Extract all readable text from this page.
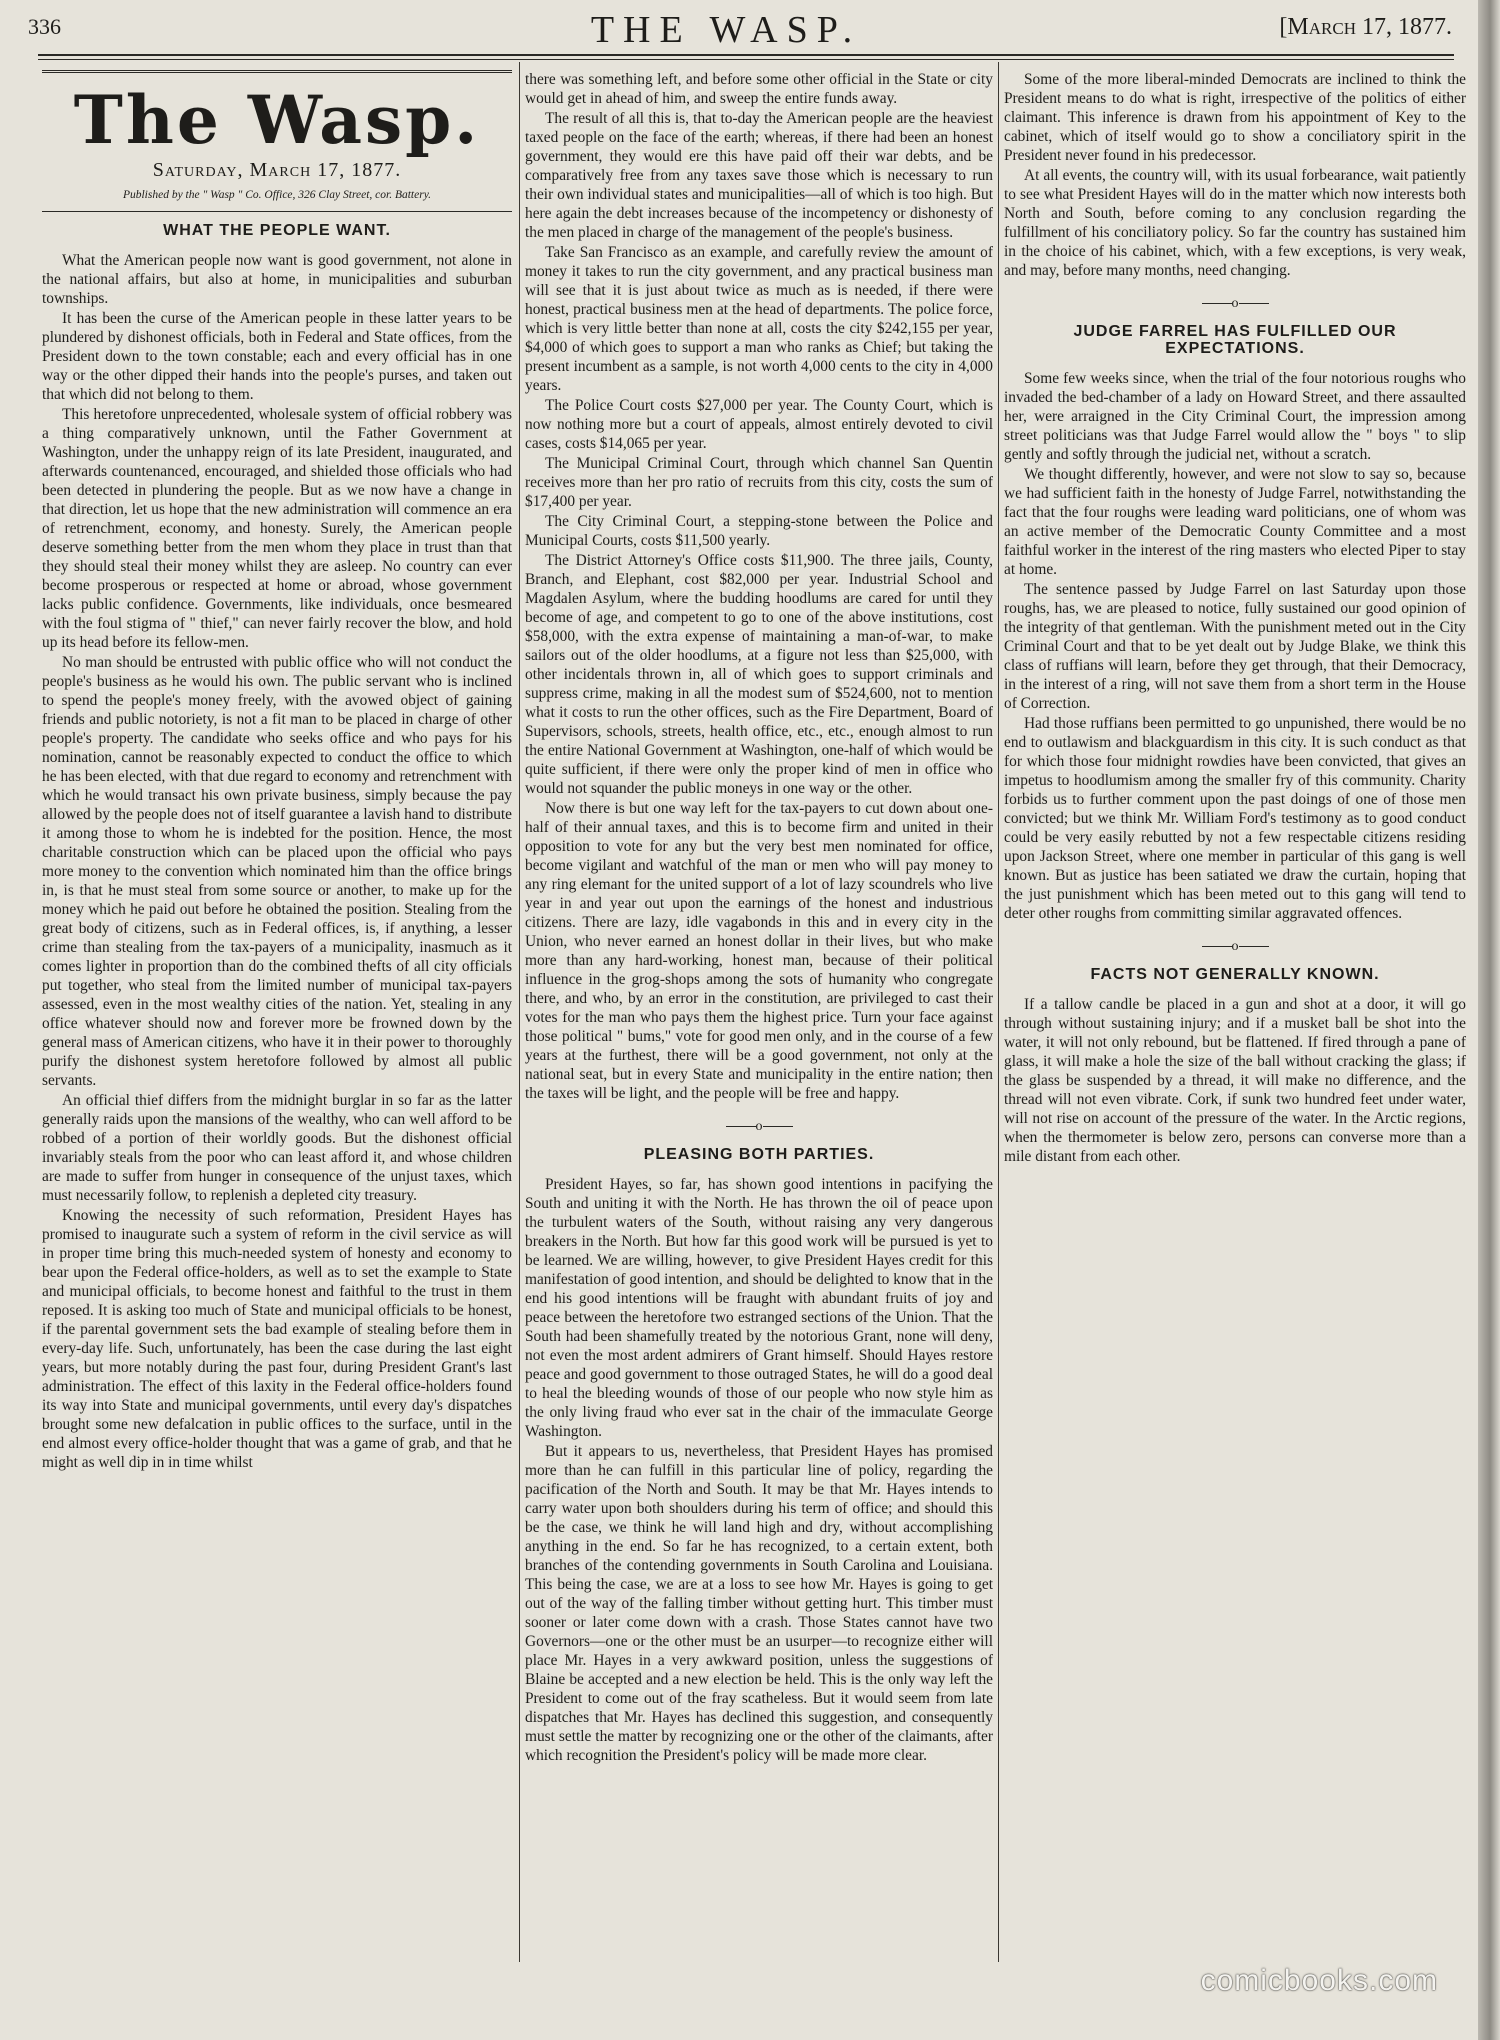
336	THE WASP.	[March 17, 1877.
The Wasp.
Saturday, March 17, 1877.
Published by the " Wasp " Co. Office, 326 Clay Street, cor. Battery.
WHAT THE PEOPLE WANT.

What the American people now want is good government, not alone in the national affairs, but also at home, in municipalities and suburban townships.

It has been the curse of the American people in these latter years to be plundered by dishonest officials, both in Federal and State offices, from the President down to the town constable; each and every official has in one way or the other dipped their hands into the people's purses, and taken out that which did not belong to them.

This heretofore unprecedented, wholesale system of official robbery was a thing comparatively unknown, until the Father Government at Washington, under the unhappy reign of its late President, inaugurated, and afterwards countenanced, encouraged, and shielded those officials who had been detected in plundering the people. But as we now have a change in that direction, let us hope that the new administration will commence an era of retrenchment, economy, and honesty. Surely, the American people deserve something better from the men whom they place in trust than that they should steal their money whilst they are asleep. No country can ever become prosperous or respected at home or abroad, whose government lacks public confidence. Governments, like individuals, once besmeared with the foul stigma of " thief," can never fairly recover the blow, and hold up its head before its fellow-men.

No man should be entrusted with public office who will not conduct the people's business as he would his own. The public servant who is inclined to spend the people's money freely, with the avowed object of gaining friends and public notoriety, is not a fit man to be placed in charge of other people's property. The candidate who seeks office and who pays for his nomination, cannot be reasonably expected to conduct the office to which he has been elected, with that due regard to economy and retrenchment with which he would transact his own private business, simply because the pay allowed by the people does not of itself guarantee a lavish hand to distribute it among those to whom he is indebted for the position. Hence, the most charitable construction which can be placed upon the official who pays more money to the convention which nominated him than the office brings in, is that he must steal from some source or another, to make up for the money which he paid out before he obtained the position. Stealing from the great body of citizens, such as in Federal offices, is, if anything, a lesser crime than stealing from the tax-payers of a municipality, inasmuch as it comes lighter in proportion than do the combined thefts of all city officials put together, who steal from the limited number of municipal tax-payers assessed, even in the most wealthy cities of the nation. Yet, stealing in any office whatever should now and forever more be frowned down by the general mass of American citizens, who have it in their power to thoroughly purify the dishonest system heretofore followed by almost all public servants.

An official thief differs from the midnight burglar in so far as the latter generally raids upon the mansions of the wealthy, who can well afford to be robbed of a portion of their worldly goods. But the dishonest official invariably steals from the poor who can least afford it, and whose children are made to suffer from hunger in consequence of the unjust taxes, which must necessarily follow, to replenish a depleted city treasury.

Knowing the necessity of such reformation, President Hayes has promised to inaugurate such a system of reform in the civil service as will in proper time bring this much-needed system of honesty and economy to bear upon the Federal office-holders, as well as to set the example to State and municipal officials, to become honest and faithful to the trust in them reposed. It is asking too much of State and municipal officials to be honest, if the parental government sets the bad example of stealing before them in every-day life. Such, unfortunately, has been the case during the last eight years, but more notably during the past four, during President Grant's last administration. The effect of this laxity in the Federal office-holders found its way into State and municipal governments, until every day's dispatches brought some new defalcation in public offices to the surface, until in the end almost every office-holder thought that was a game of grab, and that he might as well dip in in time whilst

there was something left, and before some other official in the State or city would get in ahead of him, and sweep the entire funds away.

The result of all this is, that to-day the American people are the heaviest taxed people on the face of the earth; whereas, if there had been an honest government, they would ere this have paid off their war debts, and be comparatively free from any taxes save those which is necessary to run their own individual states and municipalities—all of which is too high. But here again the debt increases because of the incompetency or dishonesty of the men placed in charge of the management of the people's business.

Take San Francisco as an example, and carefully review the amount of money it takes to run the city government, and any practical business man will see that it is just about twice as much as is needed, if there were honest, practical business men at the head of departments. The police force, which is very little better than none at all, costs the city $242,155 per year, $4,000 of which goes to support a man who ranks as Chief; but taking the present incumbent as a sample, is not worth 4,000 cents to the city in 4,000 years.

The Police Court costs $27,000 per year. The County Court, which is now nothing more but a court of appeals, almost entirely devoted to civil cases, costs $14,065 per year.

The Municipal Criminal Court, through which channel San Quentin receives more than her pro ratio of recruits from this city, costs the sum of $17,400 per year.

The City Criminal Court, a stepping-stone between the Police and Municipal Courts, costs $11,500 yearly.

The District Attorney's Office costs $11,900. The three jails, County, Branch, and Elephant, cost $82,000 per year. Industrial School and Magdalen Asylum, where the budding hoodlums are cared for until they become of age, and competent to go to one of the above institutions, cost $58,000, with the extra expense of maintaining a man-of-war, to make sailors out of the older hoodlums, at a figure not less than $25,000, with other incidentals thrown in, all of which goes to support criminals and suppress crime, making in all the modest sum of $524,600, not to mention what it costs to run the other offices, such as the Fire Department, Board of Supervisors, schools, streets, health office, etc., etc., enough almost to run the entire National Government at Washington, one-half of which would be quite sufficient, if there were only the proper kind of men in office who would not squander the public moneys in one way or the other.

Now there is but one way left for the tax-payers to cut down about one-half of their annual taxes, and this is to become firm and united in their opposition to vote for any but the very best men nominated for office, become vigilant and watchful of the man or men who will pay money to any ring elemant for the united support of a lot of lazy scoundrels who live year in and year out upon the earnings of the honest and industrious citizens. There are lazy, idle vagabonds in this and in every city in the Union, who never earned an honest dollar in their lives, but who make more than any hard-working, honest man, because of their political influence in the grog-shops among the sots of humanity who congregate there, and who, by an error in the constitution, are privileged to cast their votes for the man who pays them the highest price. Turn your face against those political " bums," vote for good men only, and in the course of a few years at the furthest, there will be a good government, not only at the national seat, but in every State and municipality in the entire nation; then the taxes will be light, and the people will be free and happy.

o
PLEASING BOTH PARTIES.

President Hayes, so far, has shown good intentions in pacifying the South and uniting it with the North. He has thrown the oil of peace upon the turbulent waters of the South, without raising any very dangerous breakers in the North. But how far this good work will be pursued is yet to be learned. We are willing, however, to give President Hayes credit for this manifestation of good intention, and should be delighted to know that in the end his good intentions will be fraught with abundant fruits of joy and peace between the heretofore two estranged sections of the Union. That the South had been shamefully treated by the notorious Grant, none will deny, not even the most ardent admirers of Grant himself. Should Hayes restore peace and good government to those outraged States, he will do a good deal to heal the bleeding wounds of those of our people who now style him as the only living fraud who ever sat in the chair of the immaculate George Washington.

But it appears to us, nevertheless, that President Hayes has promised more than he can fulfill in this particular line of policy, regarding the pacification of the North and South. It may be that Mr. Hayes intends to carry water upon both shoulders during his term of office; and should this be the case, we think he will land high and dry, without accomplishing anything in the end. So far he has recognized, to a certain extent, both branches of the contending governments in South Carolina and Louisiana. This being the case, we are at a loss to see how Mr. Hayes is going to get out of the way of the falling timber without getting hurt. This timber must sooner or later come down with a crash. Those States cannot have two Governors—one or the other must be an usurper—to recognize either will place Mr. Hayes in a very awkward position, unless the suggestions of Blaine be accepted and a new election be held. This is the only way left the President to come out of the fray scatheless. But it would seem from late dispatches that Mr. Hayes has declined this suggestion, and consequently must settle the matter by recognizing one or the other of the claimants, after which recognition the President's policy will be made more clear.

Some of the more liberal-minded Democrats are inclined to think the President means to do what is right, irrespective of the politics of either claimant. This inference is drawn from his appointment of Key to the cabinet, which of itself would go to show a conciliatory spirit in the President never found in his predecessor.

At all events, the country will, with its usual forbearance, wait patiently to see what President Hayes will do in the matter which now interests both North and South, before coming to any conclusion regarding the fulfillment of his conciliatory policy. So far the country has sustained him in the choice of his cabinet, which, with a few exceptions, is very weak, and may, before many months, need changing.

o
JUDGE FARREL HAS FULFILLED OUR EXPECTATIONS.

Some few weeks since, when the trial of the four notorious roughs who invaded the bed-chamber of a lady on Howard Street, and there assaulted her, were arraigned in the City Criminal Court, the impression among street politicians was that Judge Farrel would allow the " boys " to slip gently and softly through the judicial net, without a scratch.

We thought differently, however, and were not slow to say so, because we had sufficient faith in the honesty of Judge Farrel, notwithstanding the fact that the four roughs were leading ward politicians, one of whom was an active member of the Democratic County Committee and a most faithful worker in the interest of the ring masters who elected Piper to stay at home.

The sentence passed by Judge Farrel on last Saturday upon those roughs, has, we are pleased to notice, fully sustained our good opinion of the integrity of that gentleman. With the punishment meted out in the City Criminal Court and that to be yet dealt out by Judge Blake, we think this class of ruffians will learn, before they get through, that their Democracy, in the interest of a ring, will not save them from a short term in the House of Correction.

Had those ruffians been permitted to go unpunished, there would be no end to outlawism and blackguardism in this city. It is such conduct as that for which those four midnight rowdies have been convicted, that gives an impetus to hoodlumism among the smaller fry of this community. Charity forbids us to further comment upon the past doings of one of those men convicted; but we think Mr. William Ford's testimony as to good conduct could be very easily rebutted by not a few respectable citizens residing upon Jackson Street, where one member in particular of this gang is well known. But as justice has been satiated we draw the curtain, hoping that the just punishment which has been meted out to this gang will tend to deter other roughs from committing similar aggravated offences.

o
FACTS NOT GENERALLY KNOWN.

If a tallow candle be placed in a gun and shot at a door, it will go through without sustaining injury; and if a musket ball be shot into the water, it will not only rebound, but be flattened. If fired through a pane of glass, it will make a hole the size of the ball without cracking the glass; if the glass be suspended by a thread, it will make no difference, and the thread will not even vibrate. Cork, if sunk two hundred feet under water, will not rise on account of the pressure of the water. In the Arctic regions, when the thermometer is below zero, persons can converse more than a mile distant from each other.

comicbooks.com
